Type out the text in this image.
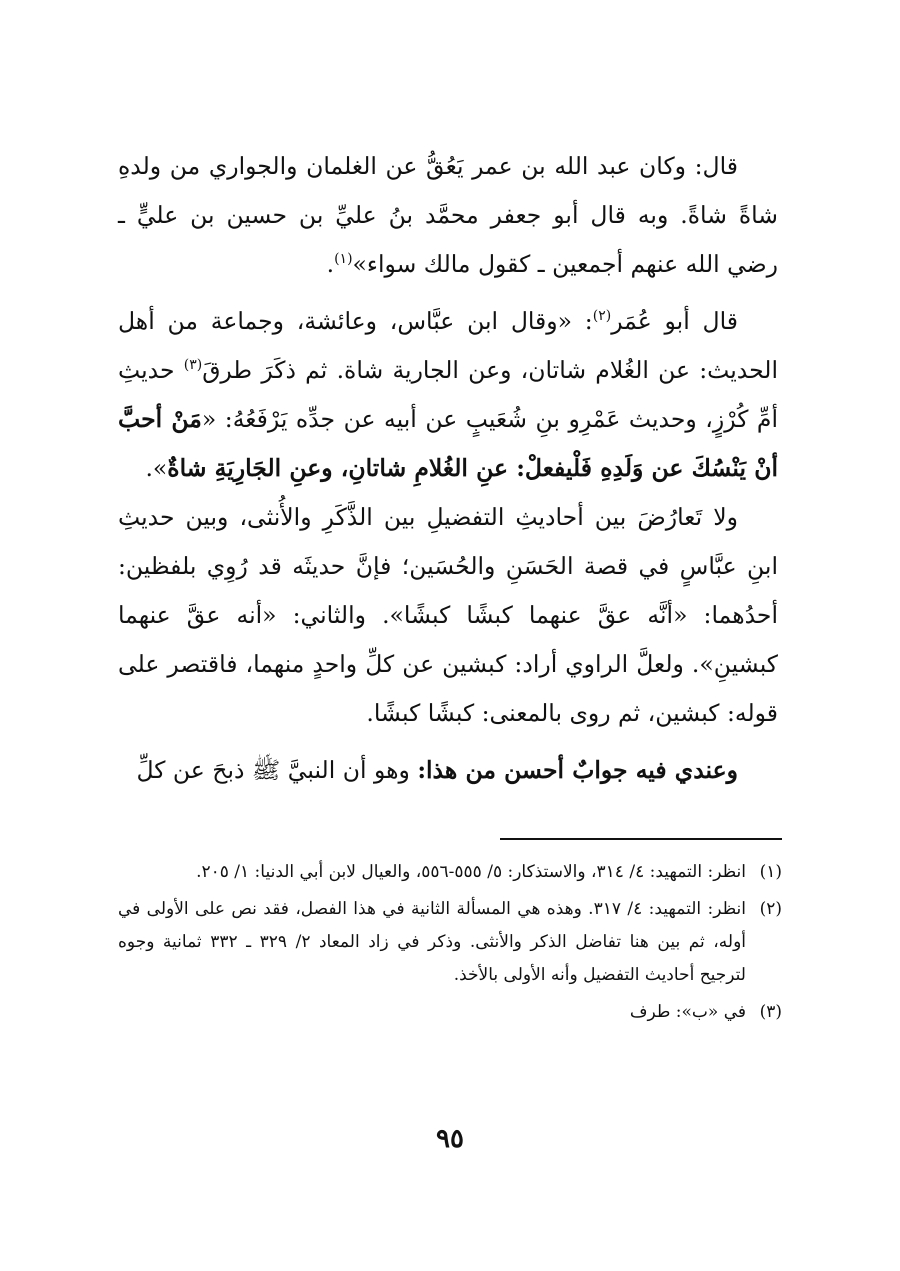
قال: وكان عبد الله بن عمر يَعُقُّ عن الغلمان والجواري من ولدهِ شاةً شاةً. وبه قال أبو جعفر محمَّد بنُ عليِّ بن حسين بن عليٍّ ـ رضي الله عنهم أجمعين ـ كقول مالك سواء»$^{(١)}$.

قال أبو عُمَر$^{(٢)}$: «وقال ابن عبَّاس، وعائشة، وجماعة من أهل الحديث: عن الغُلام شاتان، وعن الجارية شاة. ثم ذكَرَ طرقَ$^{(٣)}$ حديثِ أمِّ كُرْزٍ، وحديث عَمْرِو بنِ شُعَيبٍ عن أبيه عن جدِّه يَرْفَعُهُ: «مَنْ أحبَّ أنْ يَنْسُكَ عن وَلَدِهِ فَلْيفعلْ: عنِ الغُلامِ شاتانِ، وعنِ الجَارِيَةِ شاةٌ».

ولا تَعارُضَ بين أحاديثِ التفضيلِ بين الذَّكَرِ والأُنثى، وبين حديثِ ابنِ عبَّاسٍ في قصة الحَسَنِ والحُسَين؛ فإنَّ حديثَه قد رُوِي بلفظين: أحدُهما: «أنَّه عقَّ عنهما كبشًا كبشًا». والثاني: «أنه عقَّ عنهما كبشينِ». ولعلَّ الراوي أراد: كبشين عن كلِّ واحدٍ منهما، فاقتصر على قوله: كبشين، ثم روى بالمعنى: كبشًا كبشًا.

وعندي فيه جوابٌ أحسن من هذا: وهو أن النبيَّ ﷺ ذبحَ عن كلِّ

(١)
انظر: التمهيد: ٤/ ٣١٤، والاستذكار: ٥/ ٥٥٥-٥٥٦، والعيال لابن أبي الدنيا: ١/ ٢٠٥.
(٢)
انظر: التمهيد: ٤/ ٣١٧. وهذه هي المسألة الثانية في هذا الفصل، فقد نص على الأولى في أوله، ثم بين هنا تفاضل الذكر والأنثى. وذكر في زاد المعاد ٢/ ٣٢٩ ـ ٣٣٢ ثمانية وجوه لترجيح أحاديث التفضيل وأنه الأولى بالأخذ.
(٣)
في «ب»: طرف
٩٥
